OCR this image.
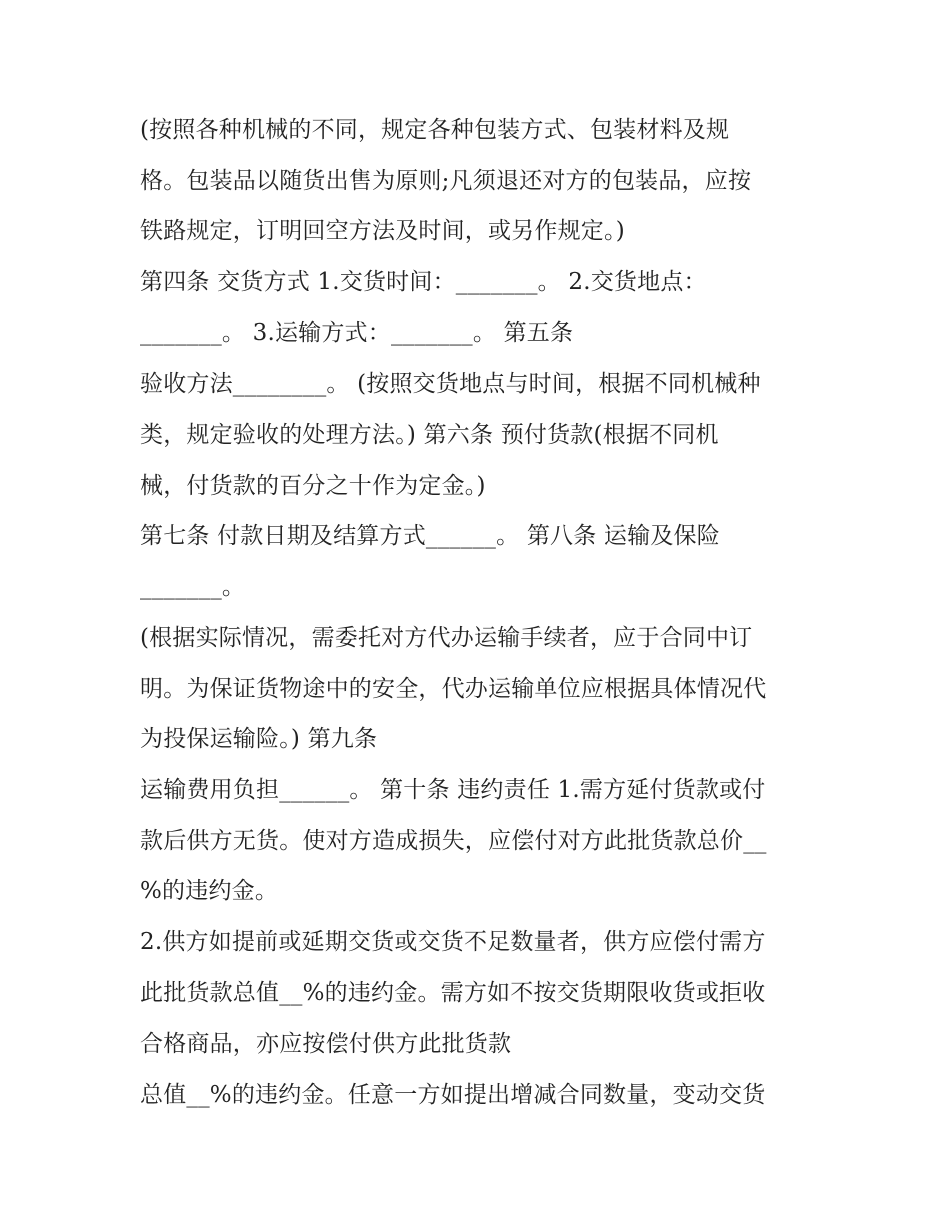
(按照各种机械的不同，规定各种包装方式、包装材料及规
格。包装品以随货出售为原则;凡须退还对方的包装品，应按
铁路规定，订明回空方法及时间，或另作规定。)
第四条 交货方式 1.交货时间：_______。 2.交货地点：
_______。 3.运输方式：_______。 第五条
验收方法________。 (按照交货地点与时间，根据不同机械种
类，规定验收的处理方法。) 第六条 预付货款(根据不同机
械，付货款的百分之十作为定金。)
第七条 付款日期及结算方式______。 第八条 运输及保险
_______。
(根据实际情况，需委托对方代办运输手续者，应于合同中订
明。为保证货物途中的安全，代办运输单位应根据具体情况代
为投保运输险。) 第九条
运输费用负担______。 第十条 违约责任 1.需方延付货款或付
款后供方无货。使对方造成损失，应偿付对方此批货款总价__
%的违约金。
2.供方如提前或延期交货或交货不足数量者，供方应偿付需方
此批货款总值__%的违约金。需方如不按交货期限收货或拒收
合格商品，亦应按偿付供方此批货款
总值__%的违约金。任意一方如提出增减合同数量，变动交货
